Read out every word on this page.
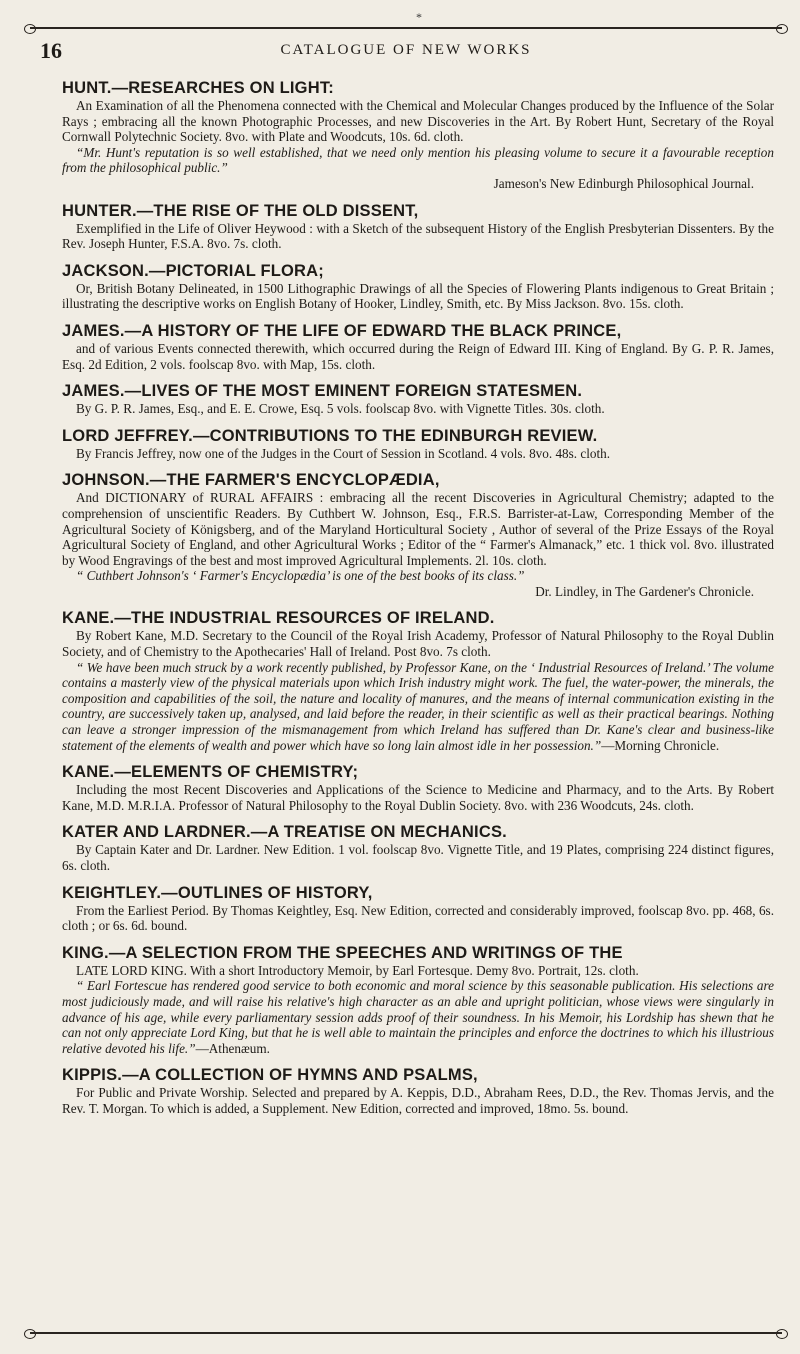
*
16	CATALOGUE OF NEW WORKS
HUNT.—RESEARCHES ON LIGHT:
An Examination of all the Phenomena connected with the Chemical and Molecular Changes produced by the Influence of the Solar Rays ; embracing all the known Photographic Processes, and new Discoveries in the Art. By Robert Hunt, Secretary of the Royal Cornwall Polytechnic Society. 8vo. with Plate and Woodcuts, 10s. 6d. cloth.
“Mr. Hunt's reputation is so well established, that we need only mention his pleasing volume to secure it a favourable reception from the philosophical public.”
Jameson's New Edinburgh Philosophical Journal.
HUNTER.—THE RISE OF THE OLD DISSENT,
Exemplified in the Life of Oliver Heywood : with a Sketch of the subsequent History of the English Presbyterian Dissenters. By the Rev. Joseph Hunter, F.S.A. 8vo. 7s. cloth.
JACKSON.—PICTORIAL FLORA;
Or, British Botany Delineated, in 1500 Lithographic Drawings of all the Species of Flowering Plants indigenous to Great Britain ; illustrating the descriptive works on English Botany of Hooker, Lindley, Smith, etc. By Miss Jackson. 8vo. 15s. cloth.
JAMES.—A HISTORY OF THE LIFE OF EDWARD THE BLACK PRINCE,
and of various Events connected therewith, which occurred during the Reign of Edward III. King of England. By G. P. R. James, Esq. 2d Edition, 2 vols. foolscap 8vo. with Map, 15s. cloth.
JAMES.—LIVES OF THE MOST EMINENT FOREIGN STATESMEN.
By G. P. R. James, Esq., and E. E. Crowe, Esq. 5 vols. foolscap 8vo. with Vignette Titles. 30s. cloth.
LORD JEFFREY.—CONTRIBUTIONS TO THE EDINBURGH REVIEW.
By Francis Jeffrey, now one of the Judges in the Court of Session in Scotland. 4 vols. 8vo. 48s. cloth.
JOHNSON.—THE FARMER'S ENCYCLOPÆDIA,
And DICTIONARY of RURAL AFFAIRS : embracing all the recent Discoveries in Agricultural Chemistry; adapted to the comprehension of unscientific Readers. By Cuthbert W. Johnson, Esq., F.R.S. Barrister-at-Law, Corresponding Member of the Agricultural Society of Königsberg, and of the Maryland Horticultural Society , Author of several of the Prize Essays of the Royal Agricultural Society of England, and other Agricultural Works ; Editor of the “ Farmer's Almanack,” etc. 1 thick vol. 8vo. illustrated by Wood Engravings of the best and most improved Agricultural Implements. 2l. 10s. cloth.
“ Cuthbert Johnson's ‘ Farmer's Encyclopædia’ is one of the best books of its class.”
Dr. Lindley, in The Gardener's Chronicle.
KANE.—THE INDUSTRIAL RESOURCES OF IRELAND.
By Robert Kane, M.D. Secretary to the Council of the Royal Irish Academy, Professor of Natural Philosophy to the Royal Dublin Society, and of Chemistry to the Apothecaries' Hall of Ireland. Post 8vo. 7s cloth.
“ We have been much struck by a work recently published, by Professor Kane, on the ‘ Industrial Resources of Ireland.’ The volume contains a masterly view of the physical materials upon which Irish industry might work. The fuel, the water-power, the minerals, the composition and capabilities of the soil, the nature and locality of manures, and the means of internal communication existing in the country, are successively taken up, analysed, and laid before the reader, in their scientific as well as their practical bearings. Nothing can leave a stronger impression of the mismanagement from which Ireland has suffered than Dr. Kane's clear and business-like statement of the elements of wealth and power which have so long lain almost idle in her possession.”—Morning Chronicle.
KANE.—ELEMENTS OF CHEMISTRY;
Including the most Recent Discoveries and Applications of the Science to Medicine and Pharmacy, and to the Arts. By Robert Kane, M.D. M.R.I.A. Professor of Natural Philosophy to the Royal Dublin Society. 8vo. with 236 Woodcuts, 24s. cloth.
KATER AND LARDNER.—A TREATISE ON MECHANICS.
By Captain Kater and Dr. Lardner. New Edition. 1 vol. foolscap 8vo. Vignette Title, and 19 Plates, comprising 224 distinct figures, 6s. cloth.
KEIGHTLEY.—OUTLINES OF HISTORY,
From the Earliest Period. By Thomas Keightley, Esq. New Edition, corrected and considerably improved, foolscap 8vo. pp. 468, 6s. cloth ; or 6s. 6d. bound.
KING.—A SELECTION FROM THE SPEECHES AND WRITINGS OF THE
LATE LORD KING. With a short Introductory Memoir, by Earl Fortesque. Demy 8vo. Portrait, 12s. cloth.
“ Earl Fortescue has rendered good service to both economic and moral science by this seasonable publication. His selections are most judiciously made, and will raise his relative's high character as an able and upright politician, whose views were singularly in advance of his age, while every parliamentary session adds proof of their soundness. In his Memoir, his Lordship has shewn that he can not only appreciate Lord King, but that he is well able to maintain the principles and enforce the doctrines to which his illustrious relative devoted his life.”—Athenæum.
KIPPIS.—A COLLECTION OF HYMNS AND PSALMS,
For Public and Private Worship. Selected and prepared by A. Keppis, D.D., Abraham Rees, D.D., the Rev. Thomas Jervis, and the Rev. T. Morgan. To which is added, a Supplement. New Edition, corrected and improved, 18mo. 5s. bound.
